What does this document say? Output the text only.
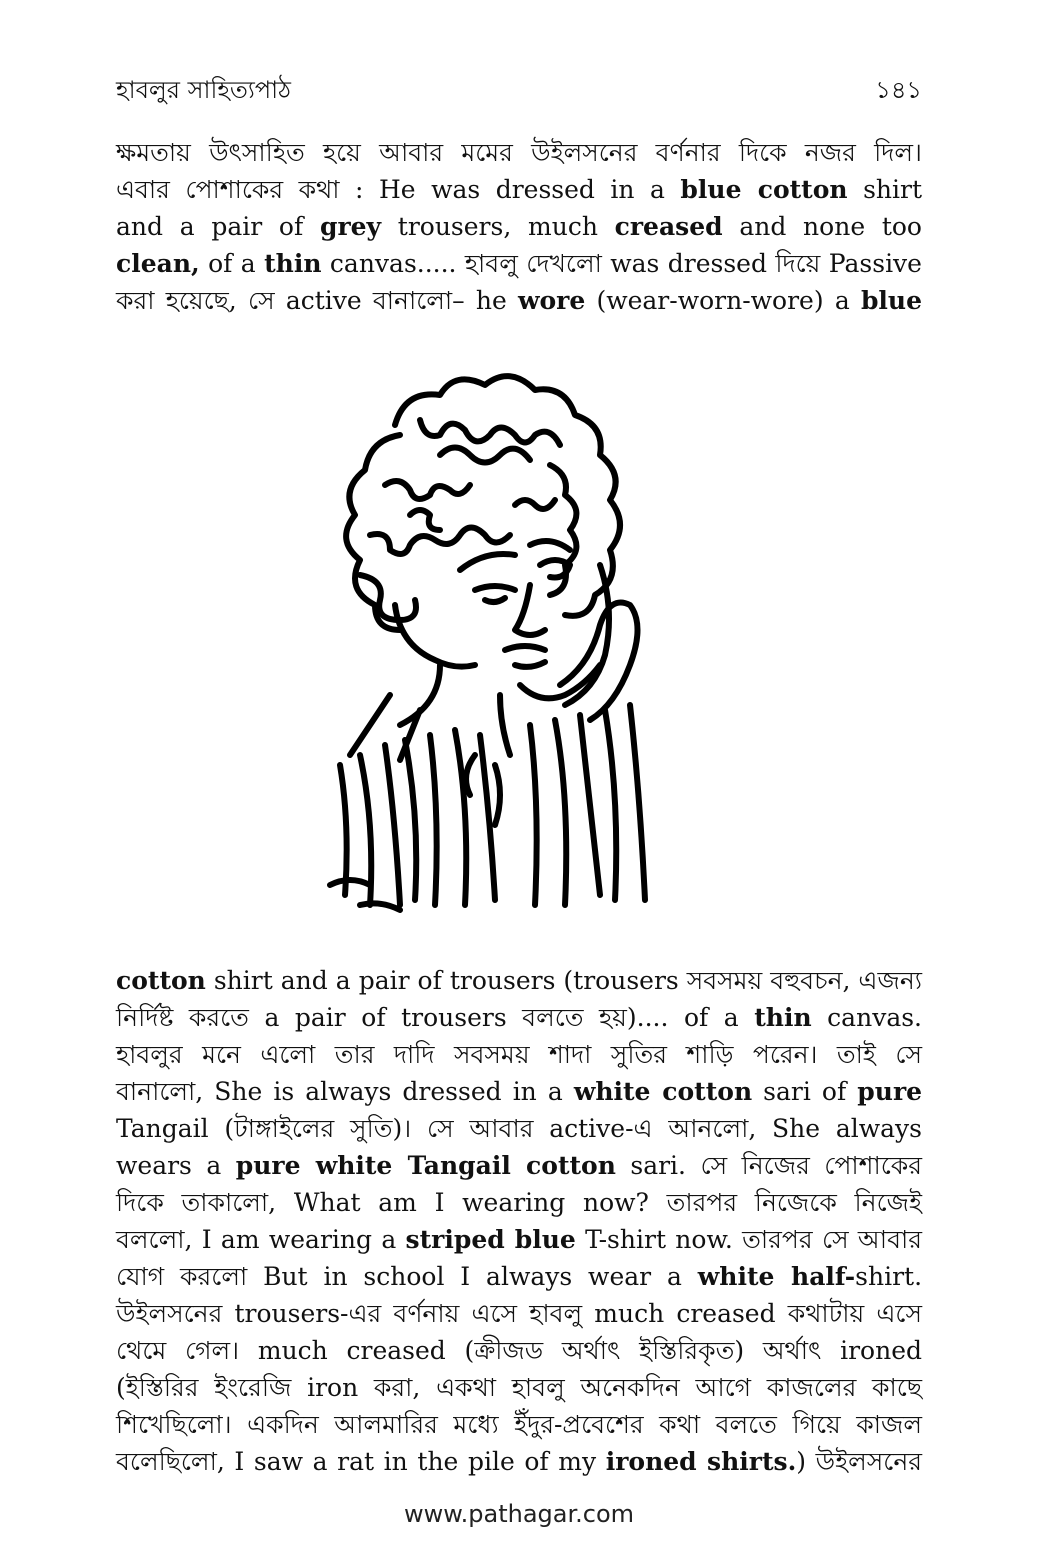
হাবলুর সাহিত্যপাঠ	১৪১
ক্ষমতায় উৎসাহিত হয়ে আবার মমের উইলসনের বর্ণনার দিকে নজর দিল।
এবার পোশাকের কথা : He was dressed in a blue cotton shirt
and a pair of grey trousers, much creased and none too
clean, of a thin canvas..... হাবলু দেখলো was dressed দিয়ে Passive
করা হয়েছে, সে active বানালো– he wore (wear-worn-wore) a blue
cotton shirt and a pair of trousers (trousers সবসময় বহুবচন, এজন্য
নির্দিষ্ট করতে a pair of trousers বলতে হয়).... of a thin canvas.
হাবলুর মনে এলো তার দাদি সবসময় শাদা সুতির শাড়ি পরেন। তাই সে
বানালো, She is always dressed in a white cotton sari of pure
Tangail (টাঙ্গাইলের সুতি)। সে আবার active-এ আনলো, She always
wears a pure white Tangail cotton sari. সে নিজের পোশাকের
দিকে তাকালো, What am I wearing now? তারপর নিজেকে নিজেই
বললো, I am wearing a striped blue T-shirt now. তারপর সে আবার
যোগ করলো But in school I always wear a white half-shirt.
উইলসনের trousers-এর বর্ণনায় এসে হাবলু much creased কথাটায় এসে
থেমে গেল। much creased (ক্রীজড অর্থাৎ ইস্তিরিকৃত) অর্থাৎ ironed
(ইস্তিরির ইংরেজি iron করা, একথা হাবলু অনেকদিন আগে কাজলের কাছে
শিখেছিলো। একদিন আলমারির মধ্যে ইঁদুর-প্রবেশের কথা বলতে গিয়ে কাজল
বলেছিলো, I saw a rat in the pile of my ironed shirts.) উইলসনের
www.pathagar.com
